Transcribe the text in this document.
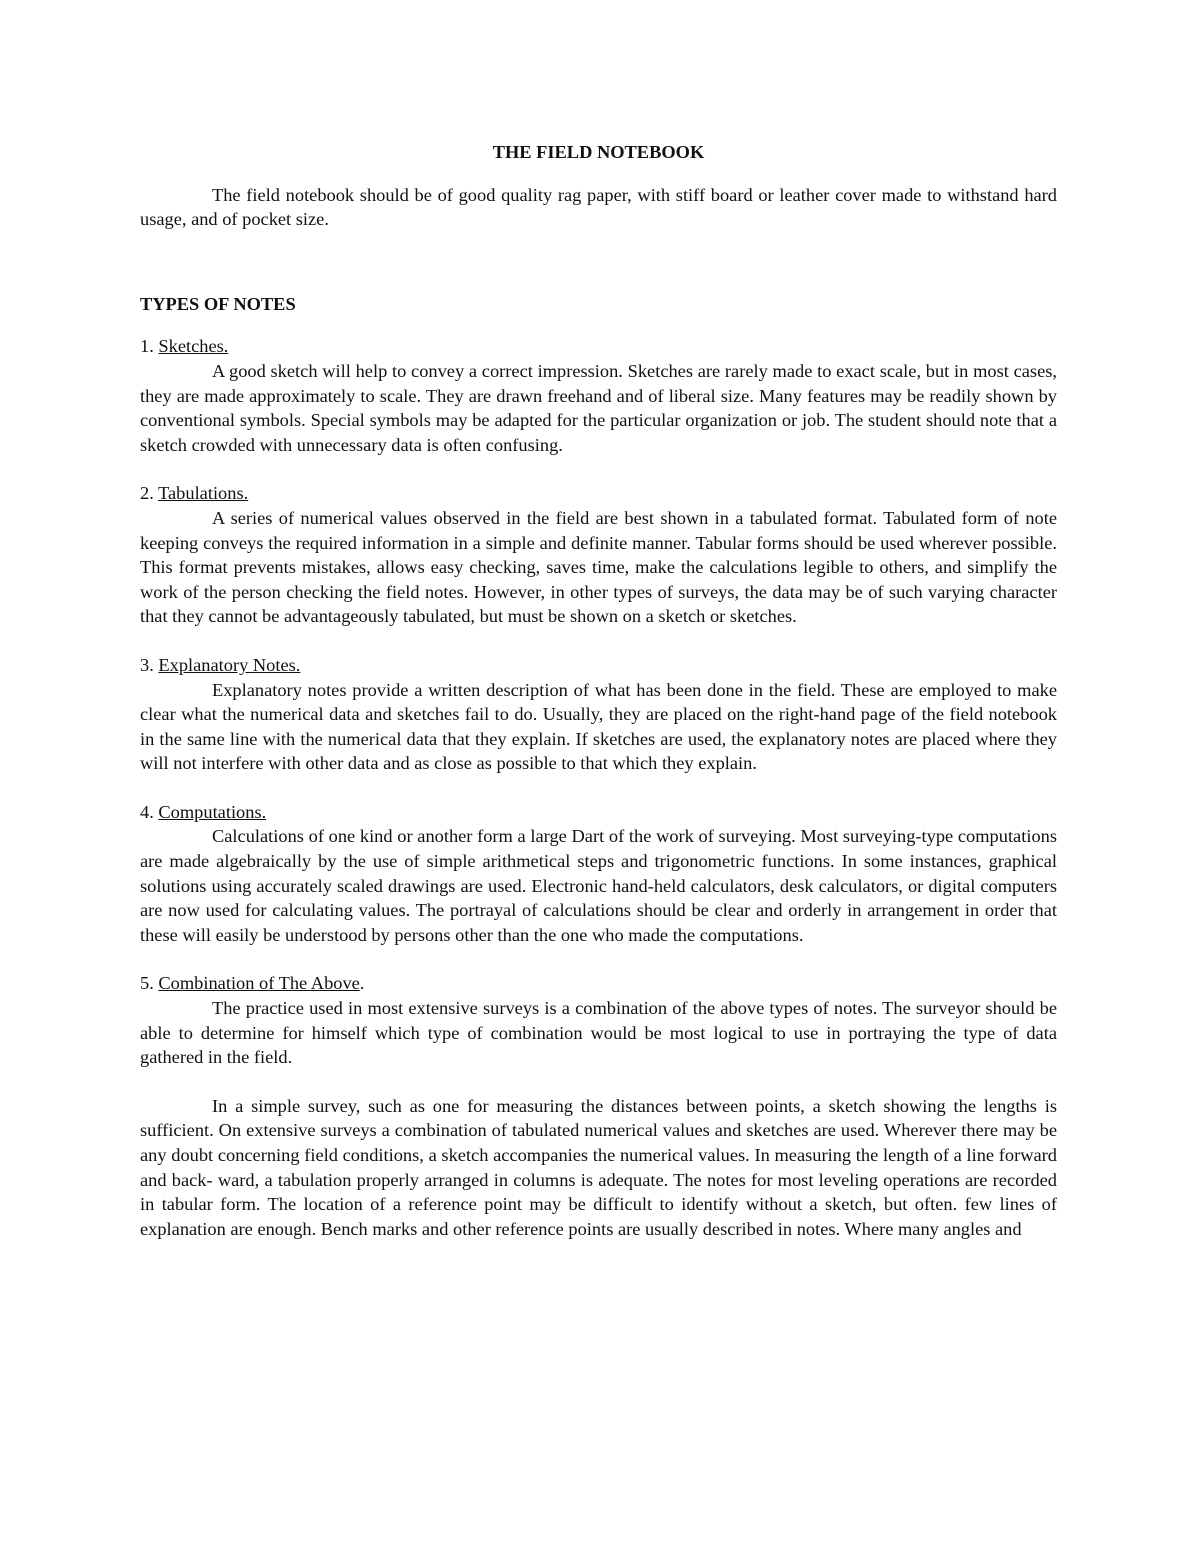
THE FIELD NOTEBOOK

The field notebook should be of good quality rag paper, with stiff board or leather cover made to withstand hard usage, and of pocket size.

TYPES OF NOTES

1. Sketches.

A good sketch will help to convey a correct impression. Sketches are rarely made to exact scale, but in most cases, they are made approximately to scale. They are drawn freehand and of liberal size. Many features may be readily shown by conventional symbols. Special symbols may be adapted for the particular organization or job. The student should note that a sketch crowded with unnecessary data is often confusing.

2. Tabulations.

A series of numerical values observed in the field are best shown in a tabulated format. Tabulated form of note keeping conveys the required information in a simple and definite manner. Tabular forms should be used wherever possible. This format prevents mistakes, allows easy checking, saves time, make the calculations legible to others, and simplify the work of the person checking the field notes. However, in other types of surveys, the data may be of such varying character that they cannot be advantageously tabulated, but must be shown on a sketch or sketches.

3. Explanatory Notes.

Explanatory notes provide a written description of what has been done in the field. These are employed to make clear what the numerical data and sketches fail to do. Usually, they are placed on the right-hand page of the field notebook in the same line with the numerical data that they explain. If sketches are used, the explanatory notes are placed where they will not interfere with other data and as close as possible to that which they explain.

4. Computations.

Calculations of one kind or another form a large Dart of the work of surveying. Most surveying-type computations are made algebraically by the use of simple arithmetical steps and trigonometric functions. In some instances, graphical solutions using accurately scaled drawings are used. Electronic hand-held calculators, desk calculators, or digital computers are now used for calculating values. The portrayal of calculations should be clear and orderly in arrangement in order that these will easily be understood by persons other than the one who made the computations.

5. Combination of The Above.

The practice used in most extensive surveys is a combination of the above types of notes. The surveyor should be able to determine for himself which type of combination would be most logical to use in portraying the type of data gathered in the field.

In a simple survey, such as one for measuring the distances between points, a sketch showing the lengths is sufficient. On extensive surveys a combination of tabulated numerical values and sketches are used. Wherever there may be any doubt concerning field conditions, a sketch accompanies the numerical values. In measuring the length of a line forward and back- ward, a tabulation properly arranged in columns is adequate. The notes for most leveling operations are recorded in tabular form. The location of a reference point may be difficult to identify without a sketch, but often. few lines of explanation are enough. Bench marks and other reference points are usually described in notes. Where many angles and
